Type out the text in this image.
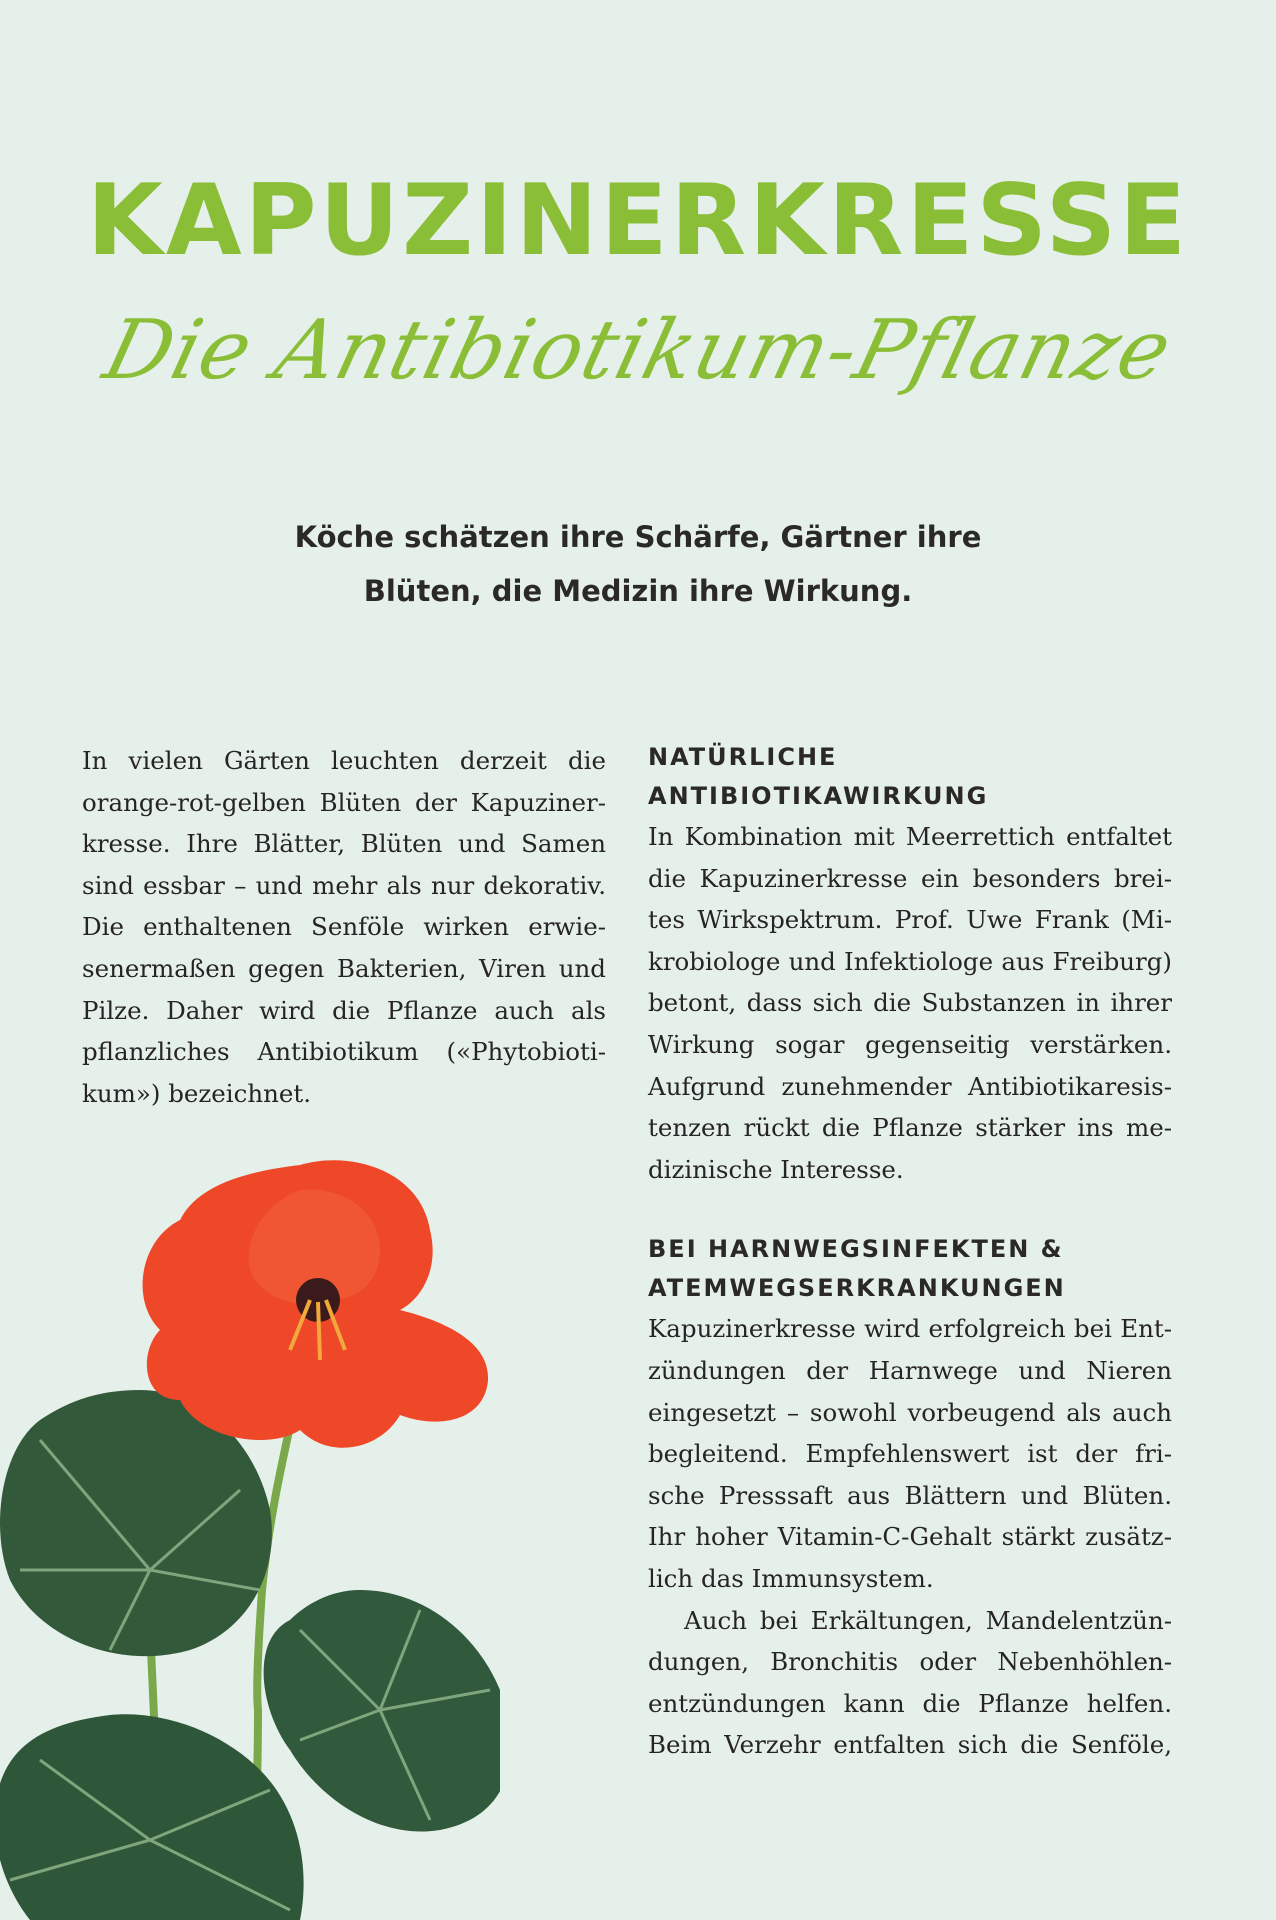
KAPUZINERKRESSE
Die Antibiotikum-Pflanze
Köche schätzen ihre Schärfe, Gärtner ihre
Blüten, die Medizin ihre Wirkung.

In vielen Gärten leuchten derzeit die
orange-rot-gelben Blüten der Kapuziner-
kresse. Ihre Blätter, Blüten und Samen
sind essbar – und mehr als nur dekorativ.
Die enthaltenen Senföle wirken erwie-
senermaßen gegen Bakterien, Viren und
Pilze. Daher wird die Pflanze auch als
pflanzliches Antibiotikum («Phytobioti-
kum») bezeichnet.

NATÜRLICHE ANTIBIOTIKAWIRKUNG

In Kombination mit Meerrettich entfaltet
die Kapuzinerkresse ein besonders brei-
tes Wirkspektrum. Prof. Uwe Frank (Mi-
krobiologe und Infektiologe aus Freiburg)
betont, dass sich die Substanzen in ihrer
Wirkung sogar gegenseitig verstärken.
Aufgrund zunehmender Antibiotikaresis-
tenzen rückt die Pflanze stärker ins me-
dizinische Interesse.

BEI HARNWEGSINFEKTEN &
ATEMWEGSERKRANKUNGEN

Kapuzinerkresse wird erfolgreich bei Ent-
zündungen der Harnwege und Nieren
eingesetzt – sowohl vorbeugend als auch
begleitend. Empfehlenswert ist der fri-
sche Presssaft aus Blättern und Blüten.
Ihr hoher Vitamin-C-Gehalt stärkt zusätz-
lich das Immunsystem.

Auch bei Erkältungen, Mandelentzün-
dungen, Bronchitis oder Nebenhöhlen-
entzündungen kann die Pflanze helfen.
Beim Verzehr entfalten sich die Senföle,
